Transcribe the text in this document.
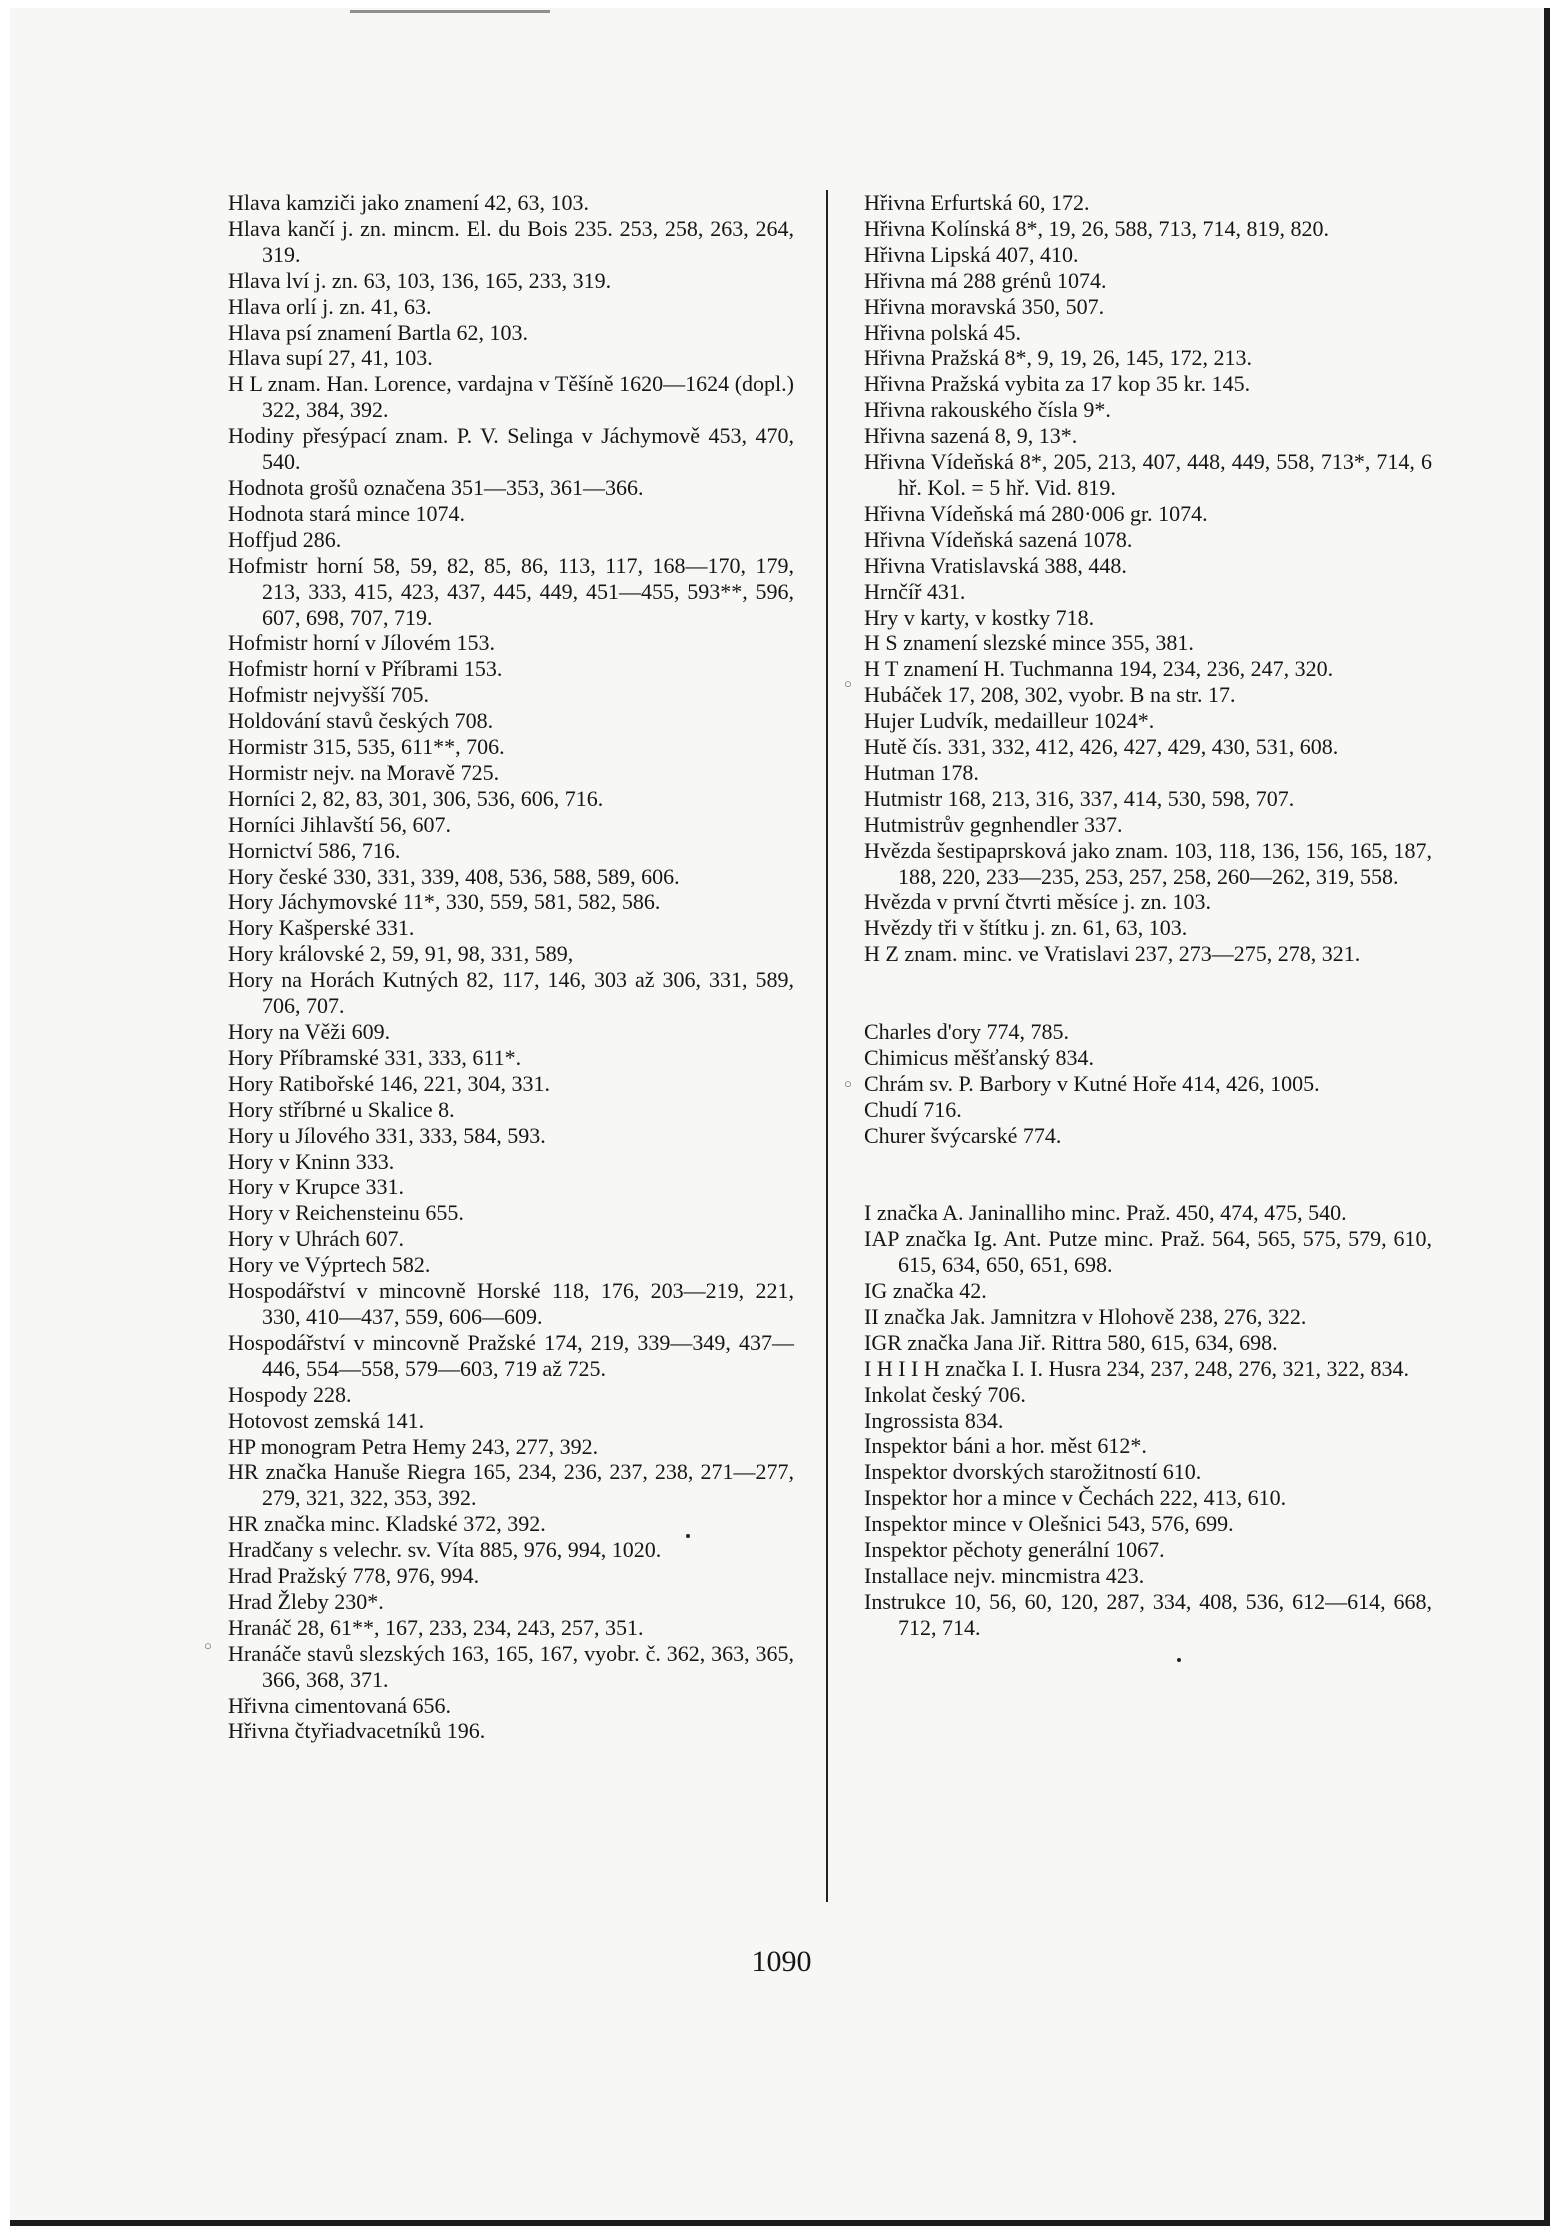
Hlava kamziči jako znamení 42, 63, 103.
Hlava kančí j. zn. mincm. El. du Bois 235. 253, 258, 263, 264, 319.
Hlava lví j. zn. 63, 103, 136, 165, 233, 319.
Hlava orlí j. zn. 41, 63.
Hlava psí znamení Bartla 62, 103.
Hlava supí 27, 41, 103.
H L znam. Han. Lorence, vardajna v Těšíně 1620—1624 (dopl.) 322, 384, 392.
Hodiny přesýpací znam. P. V. Selinga v Jáchymově 453, 470, 540.
Hodnota grošů označena 351—353, 361—366.
Hodnota stará mince 1074.
Hoffjud 286.
Hofmistr horní 58, 59, 82, 85, 86, 113, 117, 168—170, 179, 213, 333, 415, 423, 437, 445, 449, 451—455, 593**, 596, 607, 698, 707, 719.
Hofmistr horní v Jílovém 153.
Hofmistr horní v Příbrami 153.
Hofmistr nejvyšší 705.
Holdování stavů českých 708.
Hormistr 315, 535, 611**, 706.
Hormistr nejv. na Moravě 725.
Horníci 2, 82, 83, 301, 306, 536, 606, 716.
Horníci Jihlavští 56, 607.
Hornictví 586, 716.
Hory české 330, 331, 339, 408, 536, 588, 589, 606.
Hory Jáchymovské 11*, 330, 559, 581, 582, 586.
Hory Kašperské 331.
Hory královské 2, 59, 91, 98, 331, 589,
Hory na Horách Kutných 82, 117, 146, 303 až 306, 331, 589, 706, 707.
Hory na Věži 609.
Hory Příbramské 331, 333, 611*.
Hory Ratibořské 146, 221, 304, 331.
Hory stříbrné u Skalice 8.
Hory u Jílového 331, 333, 584, 593.
Hory v Kninn 333.
Hory v Krupce 331.
Hory v Reichensteinu 655.
Hory v Uhrách 607.
Hory ve Výprtech 582.
Hospodářství v mincovně Horské 118, 176, 203—219, 221, 330, 410—437, 559, 606—609.
Hospodářství v mincovně Pražské 174, 219, 339—349, 437—446, 554—558, 579—603, 719 až 725.
Hospody 228.
Hotovost zemská 141.
HP monogram Petra Hemy 243, 277, 392.
HR značka Hanuše Riegra 165, 234, 236, 237, 238, 271—277, 279, 321, 322, 353, 392.
HR značka minc. Kladské 372, 392.
Hradčany s velechr. sv. Víta 885, 976, 994, 1020.
Hrad Pražský 778, 976, 994.
Hrad Žleby 230*.
Hranáč 28, 61**, 167, 233, 234, 243, 257, 351.
Hranáče stavů slezských 163, 165, 167, vyobr. č. 362, 363, 365, 366, 368, 371.
Hřivna cimentovaná 656.
Hřivna čtyřiadvacetníků 196.
Hřivna Erfurtská 60, 172.
Hřivna Kolínská 8*, 19, 26, 588, 713, 714, 819, 820.
Hřivna Lipská 407, 410.
Hřivna má 288 grénů 1074.
Hřivna moravská 350, 507.
Hřivna polská 45.
Hřivna Pražská 8*, 9, 19, 26, 145, 172, 213.
Hřivna Pražská vybita za 17 kop 35 kr. 145.
Hřivna rakouského čísla 9*.
Hřivna sazená 8, 9, 13*.
Hřivna Vídeňská 8*, 205, 213, 407, 448, 449, 558, 713*, 714, 6 hř. Kol. = 5 hř. Vid. 819.
Hřivna Vídeňská má 280·006 gr. 1074.
Hřivna Vídeňská sazená 1078.
Hřivna Vratislavská 388, 448.
Hrnčíř 431.
Hry v karty, v kostky 718.
H S znamení slezské mince 355, 381.
H T znamení H. Tuchmanna 194, 234, 236, 247, 320.
Hubáček 17, 208, 302, vyobr. B na str. 17.
Hujer Ludvík, medailleur 1024*.
Hutě čís. 331, 332, 412, 426, 427, 429, 430, 531, 608.
Hutman 178.
Hutmistr 168, 213, 316, 337, 414, 530, 598, 707.
Hutmistrův gegnhendler 337.
Hvězda šestipaprsková jako znam. 103, 118, 136, 156, 165, 187, 188, 220, 233—235, 253, 257, 258, 260—262, 319, 558.
Hvězda v první čtvrti měsíce j. zn. 103.
Hvězdy tři v štítku j. zn. 61, 63, 103.
H Z znam. minc. ve Vratislavi 237, 273—275, 278, 321.
Charles d'ory 774, 785.
Chimicus měšťanský 834.
Chrám sv. P. Barbory v Kutné Hoře 414, 426, 1005.
Chudí 716.
Churer švýcarské 774.
I značka A. Janinalliho minc. Praž. 450, 474, 475, 540.
IAP značka Ig. Ant. Putze minc. Praž. 564, 565, 575, 579, 610, 615, 634, 650, 651, 698.
IG značka 42.
II značka Jak. Jamnitzra v Hlohově 238, 276, 322.
IGR značka Jana Jiř. Rittra 580, 615, 634, 698.
I H I I H značka I. I. Husra 234, 237, 248, 276, 321, 322, 834.
Inkolat český 706.
Ingrossista 834.
Inspektor báni a hor. měst 612*.
Inspektor dvorských starožitností 610.
Inspektor hor a mince v Čechách 222, 413, 610.
Inspektor mince v Olešnici 543, 576, 699.
Inspektor pěchoty generální 1067.
Installace nejv. mincmistra 423.
Instrukce 10, 56, 60, 120, 287, 334, 408, 536, 612—614, 668, 712, 714.
1090
○
○
○
